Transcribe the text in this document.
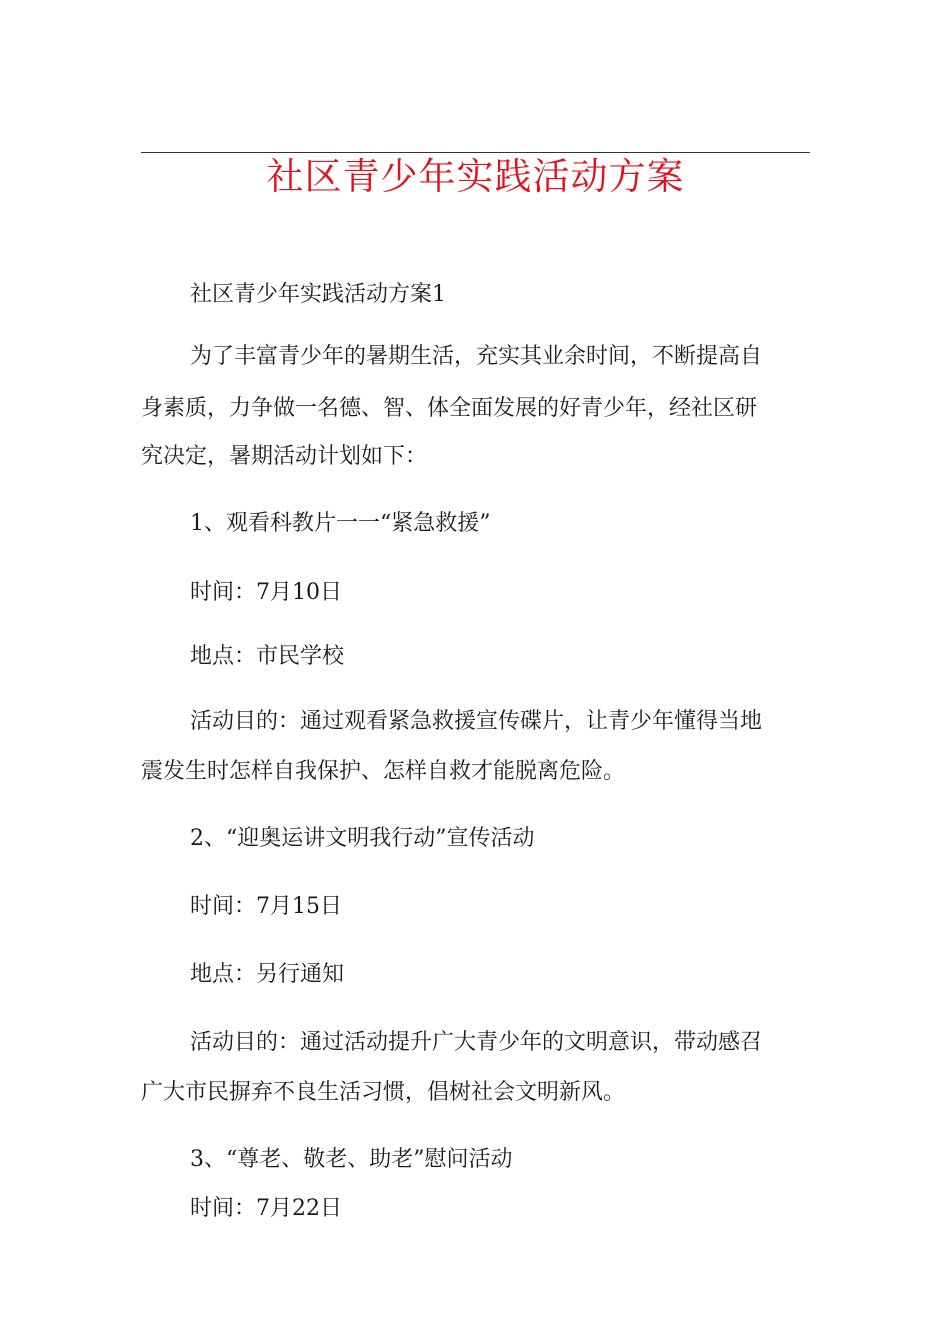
社区青少年实践活动方案

社区青少年实践活动方案1

为了丰富青少年的暑期生活，充实其业余时间，不断提高自

身素质，力争做一名德、智、体全面发展的好青少年，经社区研

究决定，暑期活动计划如下：

1、观看科教片一一“紧急救援”

时间：7月10日

地点：市民学校

活动目的：通过观看紧急救援宣传碟片，让青少年懂得当地

震发生时怎样自我保护、怎样自救才能脱离危险。

2、“迎奥运讲文明我行动”宣传活动

时间：7月15日

地点：另行通知

活动目的：通过活动提升广大青少年的文明意识，带动感召

广大市民摒弃不良生活习惯，倡树社会文明新风。

3、“尊老、敬老、助老”慰问活动

时间：7月22日
